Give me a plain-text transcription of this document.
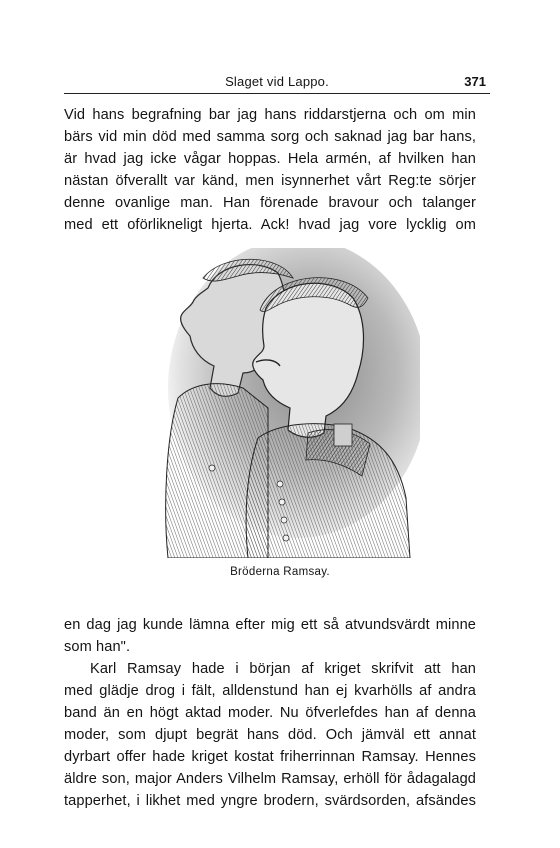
Slaget vid Lappo.	371
Vid hans begrafning bar jag hans riddarstjerna och om min
bärs vid min död med samma sorg och saknad jag bar hans,
är hvad jag icke vågar hoppas. Hela armén, af hvilken han
nästan öfverallt var känd, men isynnerhet vårt Reg:te sörjer
denne ovanlige man. Han förenade bravour och talanger
med ett oförlikneligt hjerta. Ack! hvad jag vore lycklig om
Bröderna Ramsay.
en dag jag kunde lämna efter mig ett så atvundsvärdt minne
som han".
Karl Ramsay hade i början af kriget skrifvit att han
med glädje drog i fält, alldenstund han ej kvarhölls af andra
band än en högt aktad moder. Nu öfverlefdes han af denna
moder, som djupt begrät hans död. Och jämväl ett annat
dyrbart offer hade kriget kostat friherrinnan Ramsay. Hennes
äldre son, major Anders Vilhelm Ramsay, erhöll för ådagalagd
tapperhet, i likhet med yngre brodern, svärdsorden, afsändes
